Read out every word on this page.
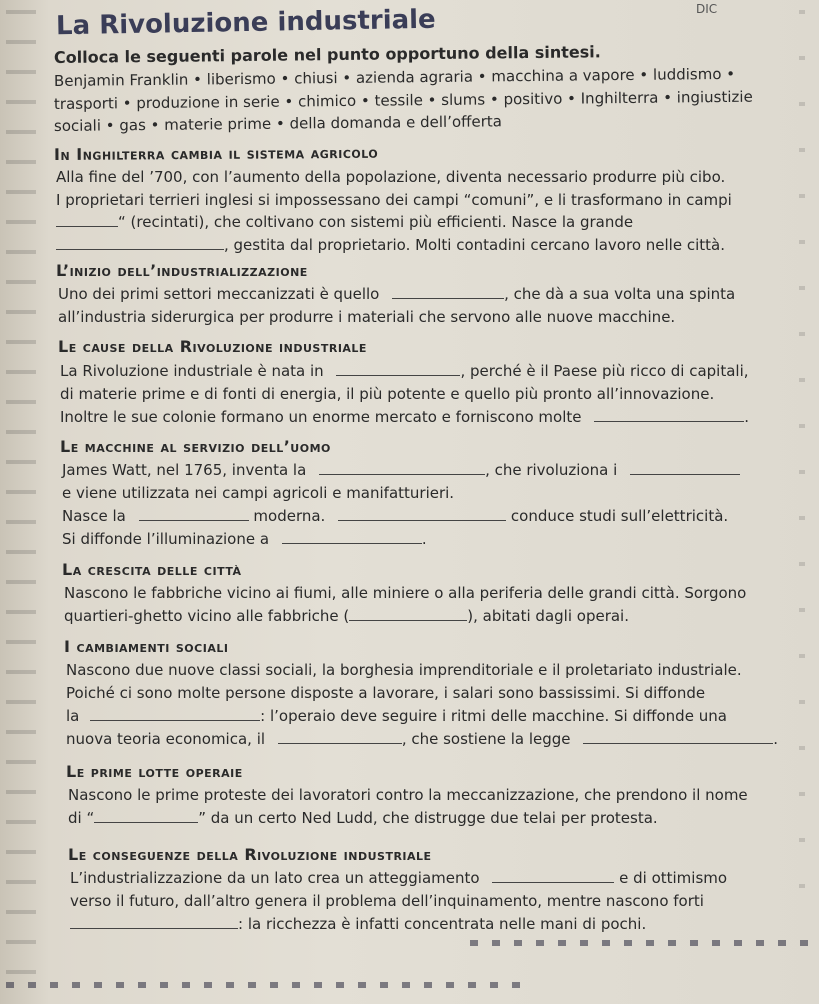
La Rivoluzione industriale	DIC
Colloca le seguenti parole nel punto opportuno della sintesi.
Benjamin Franklin • liberismo • chiusi • azienda agraria • macchina a vapore • luddismo •
trasporti • produzione in serie • chimico • tessile • slums • positivo • Inghilterra • ingiustizie
sociali • gas • materie prime • della domanda e dell’offerta
In Inghilterra cambia il sistema agricolo
Alla fine del ’700, con l’aumento della popolazione, diventa necessario produrre più cibo.
I proprietari terrieri inglesi si impossessano dei campi “comuni”, e li trasformano in campi
“ (recintati), che coltivano con sistemi più efficienti. Nasce la grande
, gestita dal proprietario. Molti contadini cercano lavoro nelle città.
L’inizio dell’industrializzazione
Uno dei primi settori meccanizzati è quello	, che dà a sua volta una spinta
all’industria siderurgica per produrre i materiali che servono alle nuove macchine.
Le cause della Rivoluzione industriale
La Rivoluzione industriale è nata in	, perché è il Paese più ricco di capitali,
di materie prime e di fonti di energia, il più potente e quello più pronto all’innovazione.
Inoltre le sue colonie formano un enorme mercato e forniscono molte	.
Le macchine al servizio dell’uomo
James Watt, nel 1765, inventa la	, che rivoluziona i
e viene utilizzata nei campi agricoli e manifatturieri.
Nasce la	moderna.	conduce studi sull’elettricità.
Si diffonde l’illuminazione a	.
La crescita delle città
Nascono le fabbriche vicino ai fiumi, alle miniere o alla periferia delle grandi città. Sorgono
quartieri-ghetto vicino alle fabbriche (	), abitati dagli operai.
I cambiamenti sociali
Nascono due nuove classi sociali, la borghesia imprenditoriale e il proletariato industriale.
Poiché ci sono molte persone disposte a lavorare, i salari sono bassissimi. Si diffonde
la	: l’operaio deve seguire i ritmi delle macchine. Si diffonde una
nuova teoria economica, il	, che sostiene la legge	.
Le prime lotte operaie
Nascono le prime proteste dei lavoratori contro la meccanizzazione, che prendono il nome
di “	” da un certo Ned Ludd, che distrugge due telai per protesta.
Le conseguenze della Rivoluzione industriale
L’industrializzazione da un lato crea un atteggiamento	e di ottimismo
verso il futuro, dall’altro genera il problema dell’inquinamento, mentre nascono forti
: la ricchezza è infatti concentrata nelle mani di pochi.
